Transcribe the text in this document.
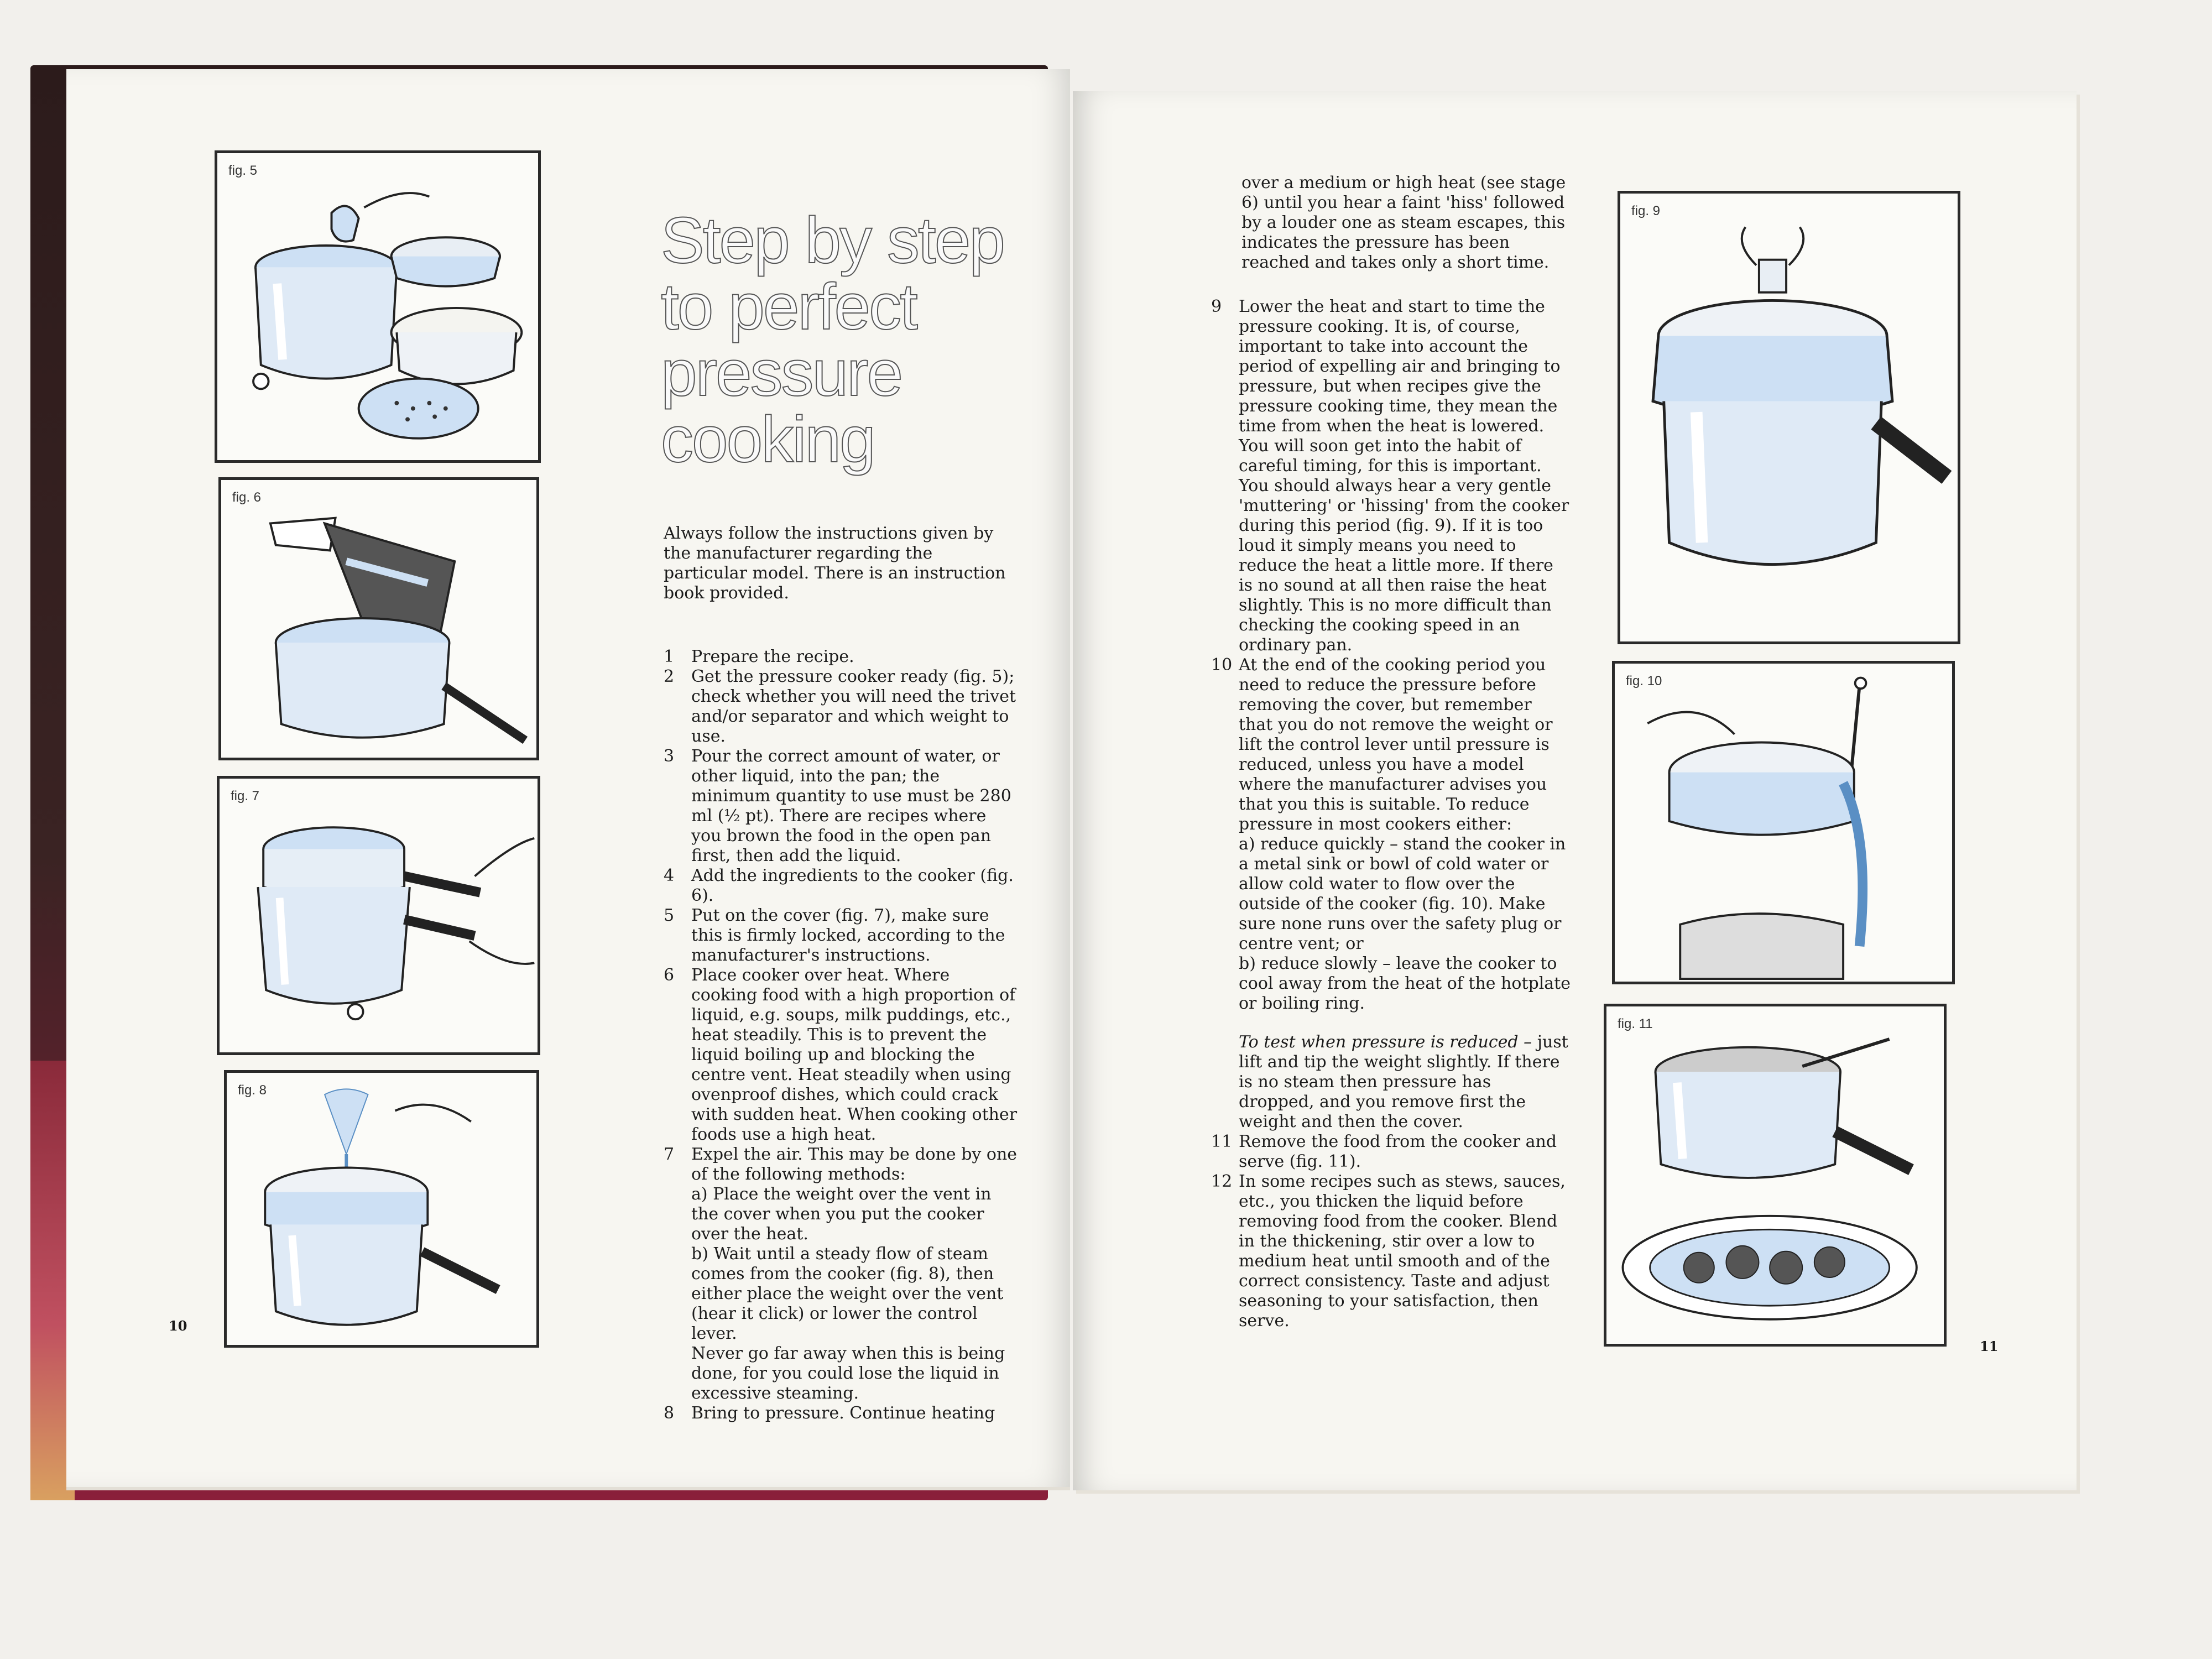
fig. 5
fig. 6
fig. 7
fig. 8
Step by step
to perfect
pressure
cooking

Always follow the instructions given by the manufacturer regarding the particular model. There is an instruction book provided.

1	Prepare the recipe.
2	Get the pressure cooker ready (fig. 5); check whether you will need the trivet and/or separator and which weight to use.
3	Pour the correct amount of water, or other liquid, into the pan; the minimum quantity to use must be 280 ml (½ pt). There are recipes where you brown the food in the open pan first, then add the liquid.
4	Add the ingredients to the cooker (fig. 6).
5	Put on the cover (fig. 7), make sure this is firmly locked, according to the manufacturer's instructions.
6	Place cooker over heat. Where cooking food with a high proportion of liquid, e.g. soups, milk puddings, etc., heat steadily. This is to prevent the liquid boiling up and blocking the centre vent. Heat steadily when using ovenproof dishes, which could crack with sudden heat. When cooking other foods use a high heat.
7	Expel the air. This may be done by one of the following methods:
a) Place the weight over the vent in the cover when you put the cooker over the heat.
b) Wait until a steady flow of steam comes from the cooker (fig. 8), then either place the weight over the vent (hear it click) or lower the control lever.
Never go far away when this is being done, for you could lose the liquid in excessive steaming.
8	Bring to pressure. Continue heating
10
over a medium or high heat (see stage 6) until you hear a faint 'hiss' followed by a louder one as steam escapes, this indicates the pressure has been reached and takes only a short time.
9	Lower the heat and start to time the pressure cooking. It is, of course, important to take into account the period of expelling air and bringing to pressure, but when recipes give the pressure cooking time, they mean the time from when the heat is lowered. You will soon get into the habit of careful timing, for this is important. You should always hear a very gentle 'muttering' or 'hissing' from the cooker during this period (fig. 9). If it is too loud it simply means you need to reduce the heat a little more. If there is no sound at all then raise the heat slightly. This is no more difficult than checking the cooking speed in an ordinary pan.
10 At the end of the cooking period you need to reduce the pressure before removing the cover, but remember that you do not remove the weight or lift the control lever until pressure is reduced, unless you have a model where the manufacturer advises you that you this is suitable. To reduce pressure in most cookers either:
a) reduce quickly – stand the cooker in a metal sink or bowl of cold water or allow cold water to flow over the outside of the cooker (fig. 10). Make sure none runs over the safety plug or centre vent; or
b) reduce slowly – leave the cooker to cool away from the heat of the hotplate or boiling ring.
To test when pressure is reduced – just lift and tip the weight slightly. If there is no steam then pressure has dropped, and you remove first the weight and then the cover.
11 Remove the food from the cooker and serve (fig. 11).
12 In some recipes such as stews, sauces, etc., you thicken the liquid before removing food from the cooker. Blend in the thickening, stir over a low to medium heat until smooth and of the correct consistency. Taste and adjust seasoning to your satisfaction, then serve.
fig. 9
fig. 10
fig. 11
11
